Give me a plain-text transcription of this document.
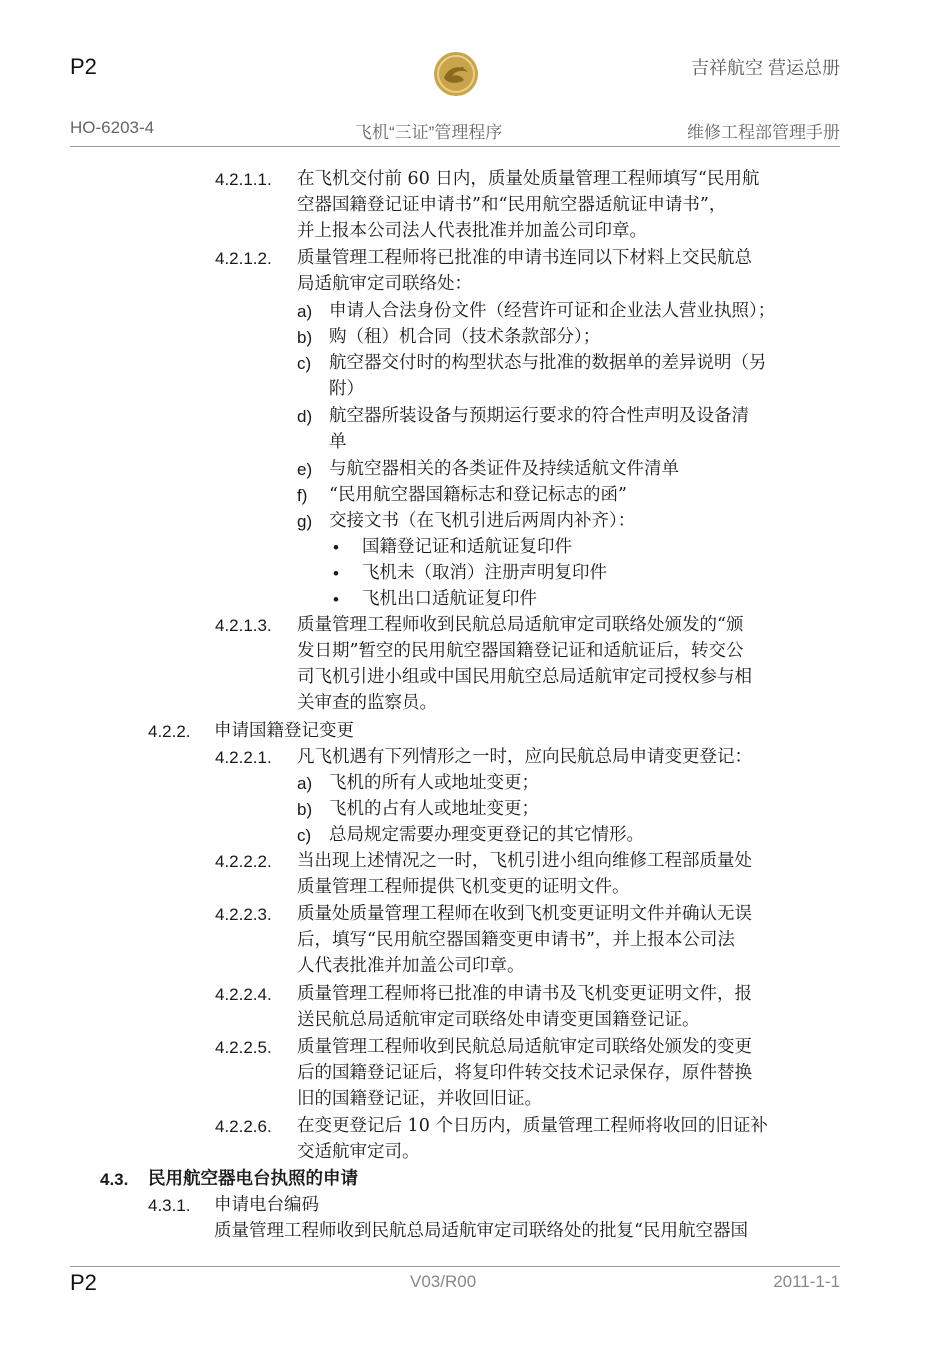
P2	吉祥航空 营运总册
HO-6203-4	飞机“三证”管理程序	维修工程部管理手册
4.2.1.1. 在飞机交付前 60 日内，质量处质量管理工程师填写“民用航
空器国籍登记证申请书”和“民用航空器适航证申请书”，
并上报本公司法人代表批准并加盖公司印章。
4.2.1.2. 质量管理工程师将已批准的申请书连同以下材料上交民航总
局适航审定司联络处：
a) 申请人合法身份文件（经营许可证和企业法人营业执照）；
b) 购（租）机合同（技术条款部分）；
c) 航空器交付时的构型状态与批准的数据单的差异说明（另
附）
d) 航空器所装设备与预期运行要求的符合性声明及设备清
单
e) 与航空器相关的各类证件及持续适航文件清单
f) “民用航空器国籍标志和登记标志的函”
g) 交接文书（在飞机引进后两周内补齐）：
• 国籍登记证和适航证复印件
• 飞机未（取消）注册声明复印件
• 飞机出口适航证复印件
4.2.1.3. 质量管理工程师收到民航总局适航审定司联络处颁发的“颁
发日期”暂空的民用航空器国籍登记证和适航证后，转交公
司飞机引进小组或中国民用航空总局适航审定司授权参与相
关审查的监察员。
4.2.2. 申请国籍登记变更
4.2.2.1. 凡飞机遇有下列情形之一时，应向民航总局申请变更登记：
a) 飞机的所有人或地址变更；
b) 飞机的占有人或地址变更；
c) 总局规定需要办理变更登记的其它情形。
4.2.2.2. 当出现上述情况之一时，飞机引进小组向维修工程部质量处
质量管理工程师提供飞机变更的证明文件。
4.2.2.3. 质量处质量管理工程师在收到飞机变更证明文件并确认无误
后，填写“民用航空器国籍变更申请书”，并上报本公司法
人代表批准并加盖公司印章。
4.2.2.4. 质量管理工程师将已批准的申请书及飞机变更证明文件，报
送民航总局适航审定司联络处申请变更国籍登记证。
4.2.2.5. 质量管理工程师收到民航总局适航审定司联络处颁发的变更
后的国籍登记证后，将复印件转交技术记录保存，原件替换
旧的国籍登记证，并收回旧证。
4.2.2.6. 在变更登记后 10 个日历内，质量管理工程师将收回的旧证补
交适航审定司。
4.3. 民用航空器电台执照的申请
4.3.1. 申请电台编码
质量管理工程师收到民航总局适航审定司联络处的批复“民用航空器国
P2	V03/R00	2011-1-1
